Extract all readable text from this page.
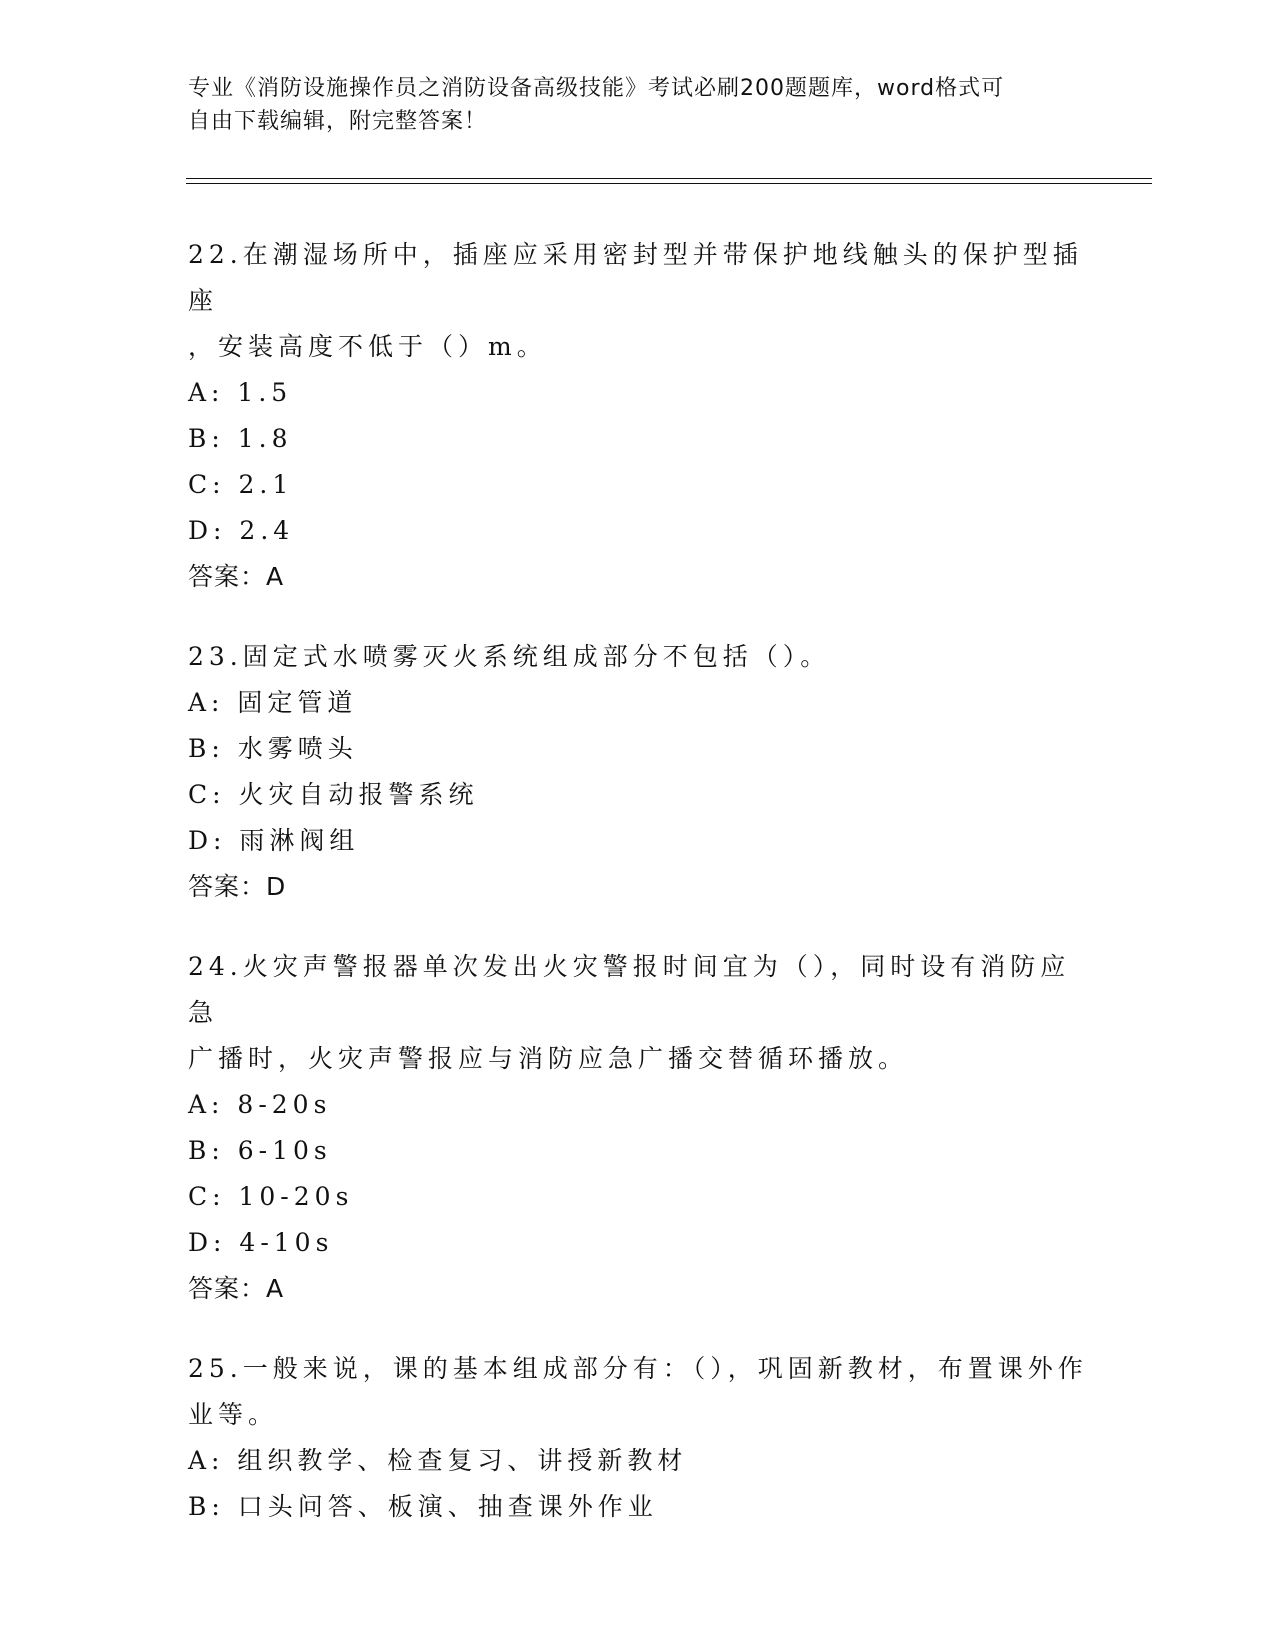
专业《消防设施操作员之消防设备高级技能》考试必刷200题题库，word格式可
自由下载编辑，附完整答案！
22.在潮湿场所中，插座应采用密封型并带保护地线触头的保护型插座
，安装高度不低于（）m。
A: 1.5
B: 1.8
C: 2.1
D: 2.4
答案：A
23.固定式水喷雾灭火系统组成部分不包括（）。
A: 固定管道
B: 水雾喷头
C: 火灾自动报警系统
D: 雨淋阀组
答案：D
24.火灾声警报器单次发出火灾警报时间宜为（），同时设有消防应急
广播时，火灾声警报应与消防应急广播交替循环播放。
A: 8-20s
B: 6-10s
C: 10-20s
D: 4-10s
答案：A
25.一般来说，课的基本组成部分有：（），巩固新教材，布置课外作
业等。
A: 组织教学、检查复习、讲授新教材
B: 口头问答、板演、抽查课外作业
